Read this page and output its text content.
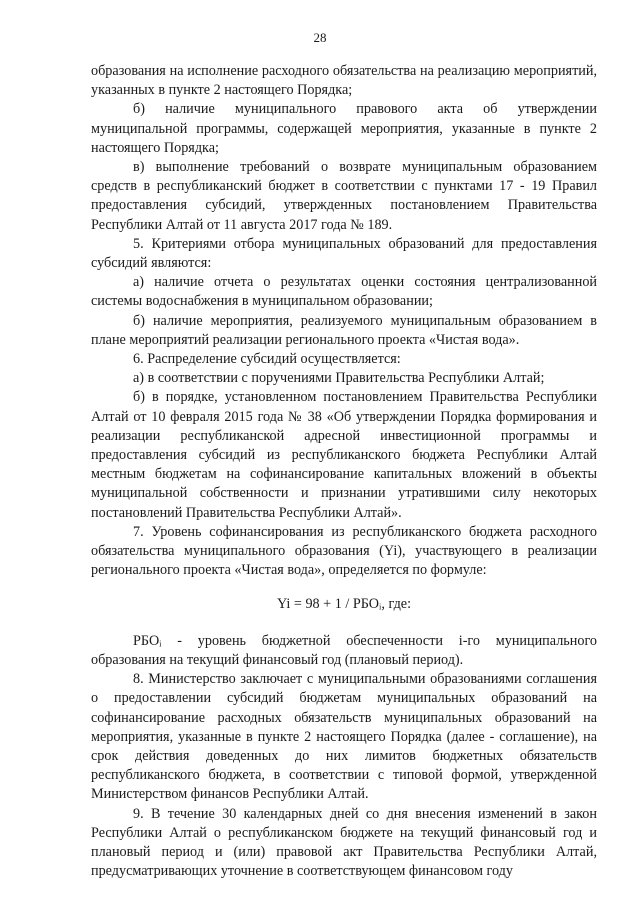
28

образования на исполнение расходного обязательства на реализацию мероприятий, указанных в пункте 2 настоящего Порядка;

б) наличие муниципального правового акта об утверждении муниципальной программы, содержащей мероприятия, указанные в пункте 2 настоящего Порядка;

в) выполнение требований о возврате муниципальным образованием средств в республиканский бюджет в соответствии с пунктами 17 - 19 Правил предоставления субсидий, утвержденных постановлением Правительства Республики Алтай от 11 августа 2017 года № 189.

5. Критериями отбора муниципальных образований для предоставления субсидий являются:

а) наличие отчета о результатах оценки состояния централизованной системы водоснабжения в муниципальном образовании;

б) наличие мероприятия, реализуемого муниципальным образованием в плане мероприятий реализации регионального проекта «Чистая вода».

6. Распределение субсидий осуществляется:

а) в соответствии с поручениями Правительства Республики Алтай;

б) в порядке, установленном постановлением Правительства Республики Алтай от 10 февраля 2015 года № 38 «Об утверждении Порядка формирования и реализации республиканской адресной инвестиционной программы и предоставления субсидий из республиканского бюджета Республики Алтай местным бюджетам на софинансирование капитальных вложений в объекты муниципальной собственности и признании утратившими силу некоторых постановлений Правительства Республики Алтай».

7. Уровень софинансирования из республиканского бюджета расходного обязательства муниципального образования (Yi), участвующего в реализации регионального проекта «Чистая вода», определяется по формуле:

Yi = 98 + 1 / РБОᵢ, где:

РБОᵢ - уровень бюджетной обеспеченности i-го муниципального образования на текущий финансовый год (плановый период).

8. Министерство заключает с муниципальными образованиями соглашения о предоставлении субсидий бюджетам муниципальных образований на софинансирование расходных обязательств муниципальных образований на мероприятия, указанные в пункте 2 настоящего Порядка (далее - соглашение), на срок действия доведенных до них лимитов бюджетных обязательств республиканского бюджета, в соответствии с типовой формой, утвержденной Министерством финансов Республики Алтай.

9. В течение 30 календарных дней со дня внесения изменений в закон Республики Алтай о республиканском бюджете на текущий финансовый год и плановый период и (или) правовой акт Правительства Республики Алтай, предусматривающих уточнение в соответствующем финансовом году
